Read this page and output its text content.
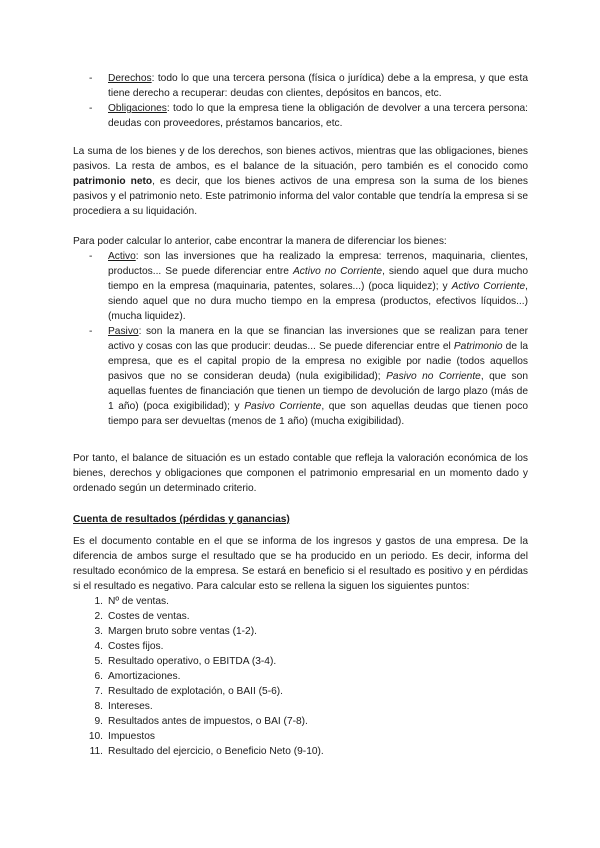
- Derechos: todo lo que una tercera persona (física o jurídica) debe a la empresa, y que esta tiene derecho a recuperar: deudas con clientes, depósitos en bancos, etc.
- Obligaciones: todo lo que la empresa tiene la obligación de devolver a una tercera persona: deudas con proveedores, préstamos bancarios, etc.

La suma de los bienes y de los derechos, son bienes activos, mientras que las obligaciones, bienes pasivos. La resta de ambos, es el balance de la situación, pero también es el conocido como patrimonio neto, es decir, que los bienes activos de una empresa son la suma de los bienes pasivos y el patrimonio neto. Este patrimonio informa del valor contable que tendría la empresa si se procediera a su liquidación.

Para poder calcular lo anterior, cabe encontrar la manera de diferenciar los bienes:

- Activo: son las inversiones que ha realizado la empresa: terrenos, maquinaria, clientes, productos... Se puede diferenciar entre Activo no Corriente, siendo aquel que dura mucho tiempo en la empresa (maquinaria, patentes, solares...) (poca liquidez); y Activo Corriente, siendo aquel que no dura mucho tiempo en la empresa (productos, efectivos líquidos...) (mucha liquidez).
- Pasivo: son la manera en la que se financian las inversiones que se realizan para tener activo y cosas con las que producir: deudas... Se puede diferenciar entre el Patrimonio de la empresa, que es el capital propio de la empresa no exigible por nadie (todos aquellos pasivos que no se consideran deuda) (nula exigibilidad); Pasivo no Corriente, que son aquellas fuentes de financiación que tienen un tiempo de devolución de largo plazo (más de 1 año) (poca exigibilidad); y Pasivo Corriente, que son aquellas deudas que tienen poco tiempo para ser devueltas (menos de 1 año) (mucha exigibilidad).

Por tanto, el balance de situación es un estado contable que refleja la valoración económica de los bienes, derechos y obligaciones que componen el patrimonio empresarial en un momento dado y ordenado según un determinado criterio.

Cuenta de resultados (pérdidas y ganancias)

Es el documento contable en el que se informa de los ingresos y gastos de una empresa. De la diferencia de ambos surge el resultado que se ha producido en un periodo. Es decir, informa del resultado económico de la empresa. Se estará en beneficio si el resultado es positivo y en pérdidas si el resultado es negativo. Para calcular esto se rellena la siguen los siguientes puntos:

1. Nº de ventas.
2. Costes de ventas.
3. Margen bruto sobre ventas (1-2).
4. Costes fijos.
5. Resultado operativo, o EBITDA (3-4).
6. Amortizaciones.
7. Resultado de explotación, o BAII (5-6).
8. Intereses.
9. Resultados antes de impuestos, o BAI (7-8).
10. Impuestos
11. Resultado del ejercicio, o Beneficio Neto (9-10).
